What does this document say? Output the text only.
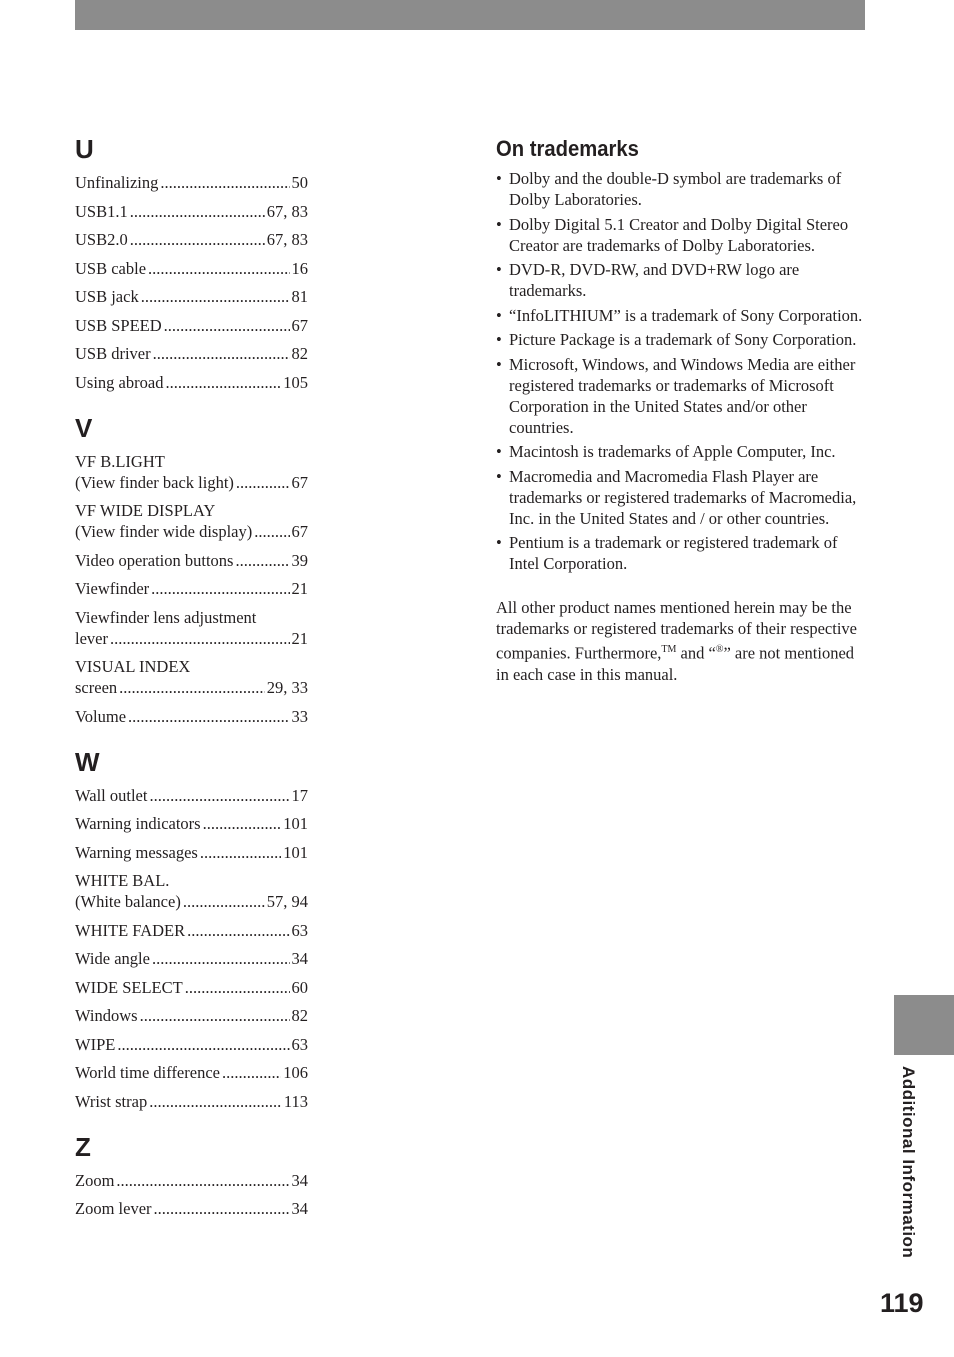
U
Unfinalizing .....	50
USB1.1 .....	67, 83
USB2.0 .....	67, 83
USB cable .....	16
USB jack .....	81
USB SPEED .....	67
USB driver .....	82
Using abroad .....	105
V
VF B.LIGHT
(View finder back light) .....	67
VF WIDE DISPLAY
(View finder wide display) ..... 67
Video operation buttons .....	39
Viewfinder .....	21
Viewfinder lens adjustment
lever .....	21
VISUAL INDEX
screen .....	29, 33
Volume .....	33
W
Wall outlet .....	17
Warning indicators .....	101
Warning messages .....	101
WHITE BAL.
(White balance) .....	57, 94
WHITE FADER .....	63
Wide angle .....	34
WIDE SELECT .....	60
Windows .....	82
WIPE .....	63
World time difference .....	106
Wrist strap .....	113
Z
Zoom .....	34
Zoom lever .....	34
On trademarks
• Dolby and the double-D symbol are trademarks of Dolby Laboratories.
• Dolby Digital 5.1 Creator and Dolby Digital Stereo Creator are trademarks of Dolby Laboratories.
• DVD-R, DVD-RW, and DVD+RW logo are trademarks.
• “InfoLITHIUM” is a trademark of Sony Corporation.
• Picture Package is a trademark of Sony Corporation.
• Microsoft, Windows, and Windows Media are either registered trademarks or trademarks of Microsoft Corporation in the United States and/or other countries.
• Macintosh is trademarks of Apple Computer, Inc.
• Macromedia and Macromedia Flash Player are trademarks or registered trademarks of Macromedia, Inc. in the United States and / or other countries.
• Pentium is a trademark or registered trademark of Intel Corporation.

All other product names mentioned herein may be the trademarks or registered trademarks of their respective companies. Furthermore,™ and “®” are not mentioned in each case in this manual.

Additional Information
119
